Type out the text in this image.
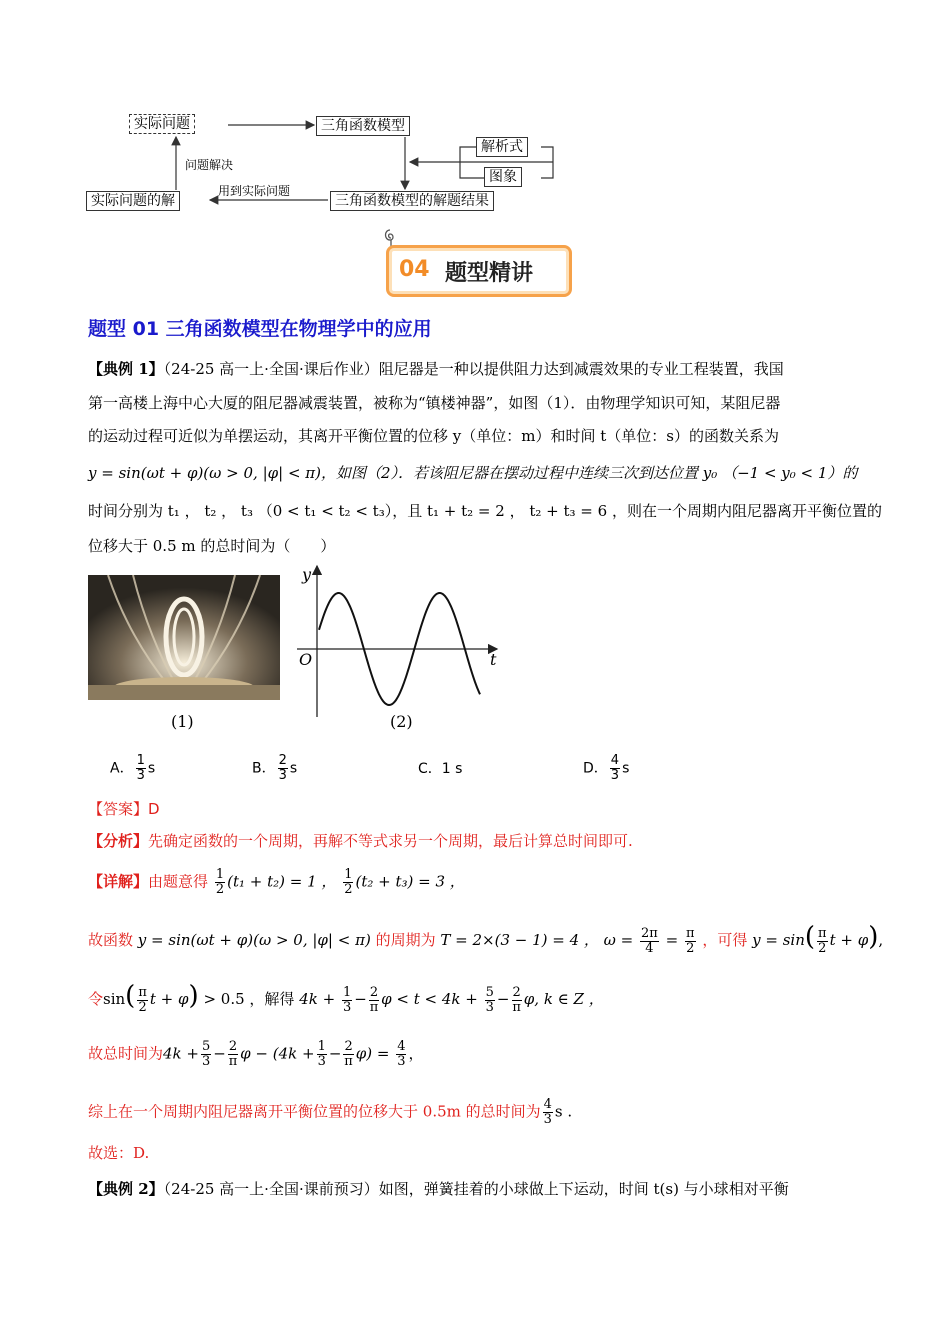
实际问题	三角函数模型
解析式
图象
实际问题的解	三角函数模型的解题结果
问题解决
用到实际问题
04 题型精讲
题型 01 三角函数模型在物理学中的应用
【典例 1】（24-25 高一上·全国·课后作业）阻尼器是一种以提供阻力达到减震效果的专业工程装置，我国
第一高楼上海中心大厦的阻尼器减震装置，被称为“镇楼神器”，如图（1）．由物理学知识可知，某阻尼器
的运动过程可近似为单摆运动，其离开平衡位置的位移 y（单位：m）和时间 t（单位：s）的函数关系为
y = sin(ωt + φ)(ω > 0, |φ| < π)，如图（2）．若该阻尼器在摆动过程中连续三次到达位置 y₀ （−1 < y₀ < 1）的
时间分别为 t₁ ， t₂ ， t₃ （0 < t₁ < t₂ < t₃），且 t₁ + t₂ = 2 ， t₂ + t₃ = 6 ，则在一个周期内阻尼器离开平衡位置的
位移大于 0.5 m 的总时间为（　　）
(1)
y
t
O
(2)
A． $\frac{1}{3}$ s	B． $\frac{2}{3}$ s	C．1 s	D． $\frac{4}{3}$ s
【答案】D
【分析】先确定函数的一个周期，再解不等式求另一个周期，最后计算总时间即可.
【详解】由题意得 $\frac{1}{2} (t_1 + t_2) = 1$ ， $\frac{1}{2} (t_2 + t_3) = 3$ ，
故函数 y = sin(ωt + φ)(ω > 0, |φ| < π) 的周期为 T = 2×(3 − 1) = 4 ， $\omega = \frac{2\pi}{4} = \frac{\pi}{2}$ ，可得 $y = \sin( \frac{\pi}{2}$ t + φ),
令$\sin( \frac{\pi}{2}$ t + φ) > 0.5 ，解得 $4k + \frac{1}{3} - \frac{2}{\pi}$ $\varphi < t < 4k + \frac{5}{3} - \frac{2}{\pi} \varphi$, k ∈ Z ，
故总时间为$4k + \frac{5}{3} - \frac{2}{\pi}$ $\varphi - (4k + \frac{1}{3} - \frac{2}{\pi} \varphi) = \frac{4}{3}$ ，
综上在一个周期内阻尼器离开平衡位置的位移大于 0.5m 的总时间为 $\frac{4}{3}$ s .
故选：D.
【典例 2】（24-25 高一上·全国·课前预习）如图，弹簧挂着的小球做上下运动，时间 t(s) 与小球相对平衡
